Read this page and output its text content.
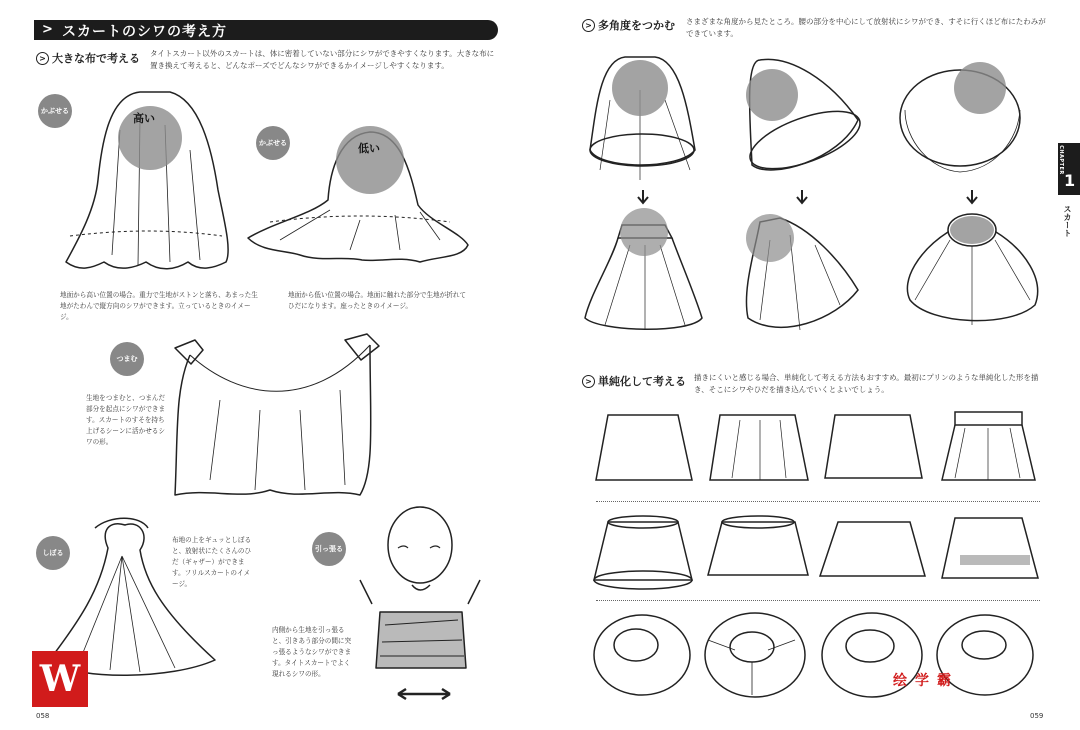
> スカートのシワの考え方
> 大きな布で考える タイトスカート以外のスカートは、体に密着していない部分にシワができやすくなります。大きな布に置き換えて考えると、どんなポーズでどんなシワができるかイメージしやすくなります。
かぶせる
高い
地面から高い位置の場合。重力で生地がストンと落ち、あまった生地がたわんで縦方向のシワができます。立っているときのイメージ。
かぶせる	低い
地面から低い位置の場合。地面に触れた部分で生地が折れてひだになります。座ったときのイメージ。
つまむ
生地をつまむと、つまんだ部分を起点にシワができます。スカートのすそを持ち上げるシーンに活かせるシワの形。
しぼる
布地の上をギュッとしぼると、放射状にたくさんのひだ（ギャザー）ができます。フリルスカートのイメージ。
引っ張る
内側から生地を引っ張ると、引きあう部分の間に突っ張るようなシワができます。タイトスカートでよく現れるシワの形。
058
> 多角度をつかむ さまざまな角度から見たところ。腰の部分を中心にして放射状にシワができ、すそに行くほど布にたわみができています。
> 単純化して考える 描きにくいと感じる場合、単純化して考える方法もおすすめ。最初にプリンのような単純化した形を描き、そこにシワやひだを描き込んでいくとよいでしょう。
CHAPTER
1
スカート
059
W	绘学霸
